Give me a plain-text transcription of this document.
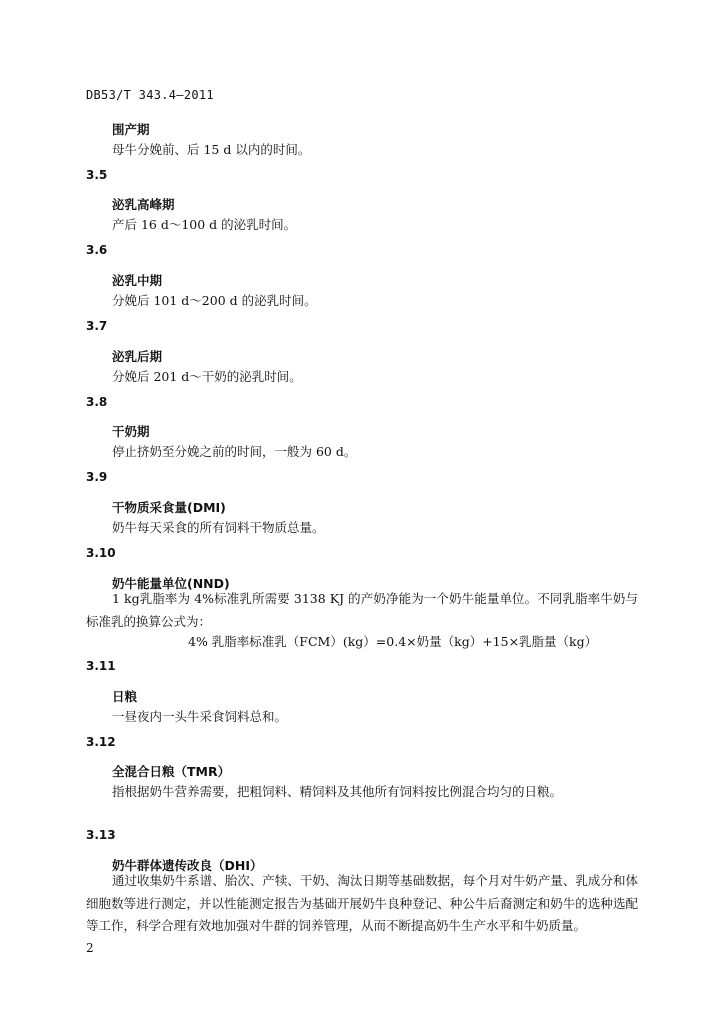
DB53/T 343.4—2011
围产期
母牛分娩前、后 15 d 以内的时间。
3.5
泌乳高峰期
产后 16 d～100 d 的泌乳时间。
3.6
泌乳中期
分娩后 101 d～200 d 的泌乳时间。
3.7
泌乳后期
分娩后 201 d～干奶的泌乳时间。
3.8
干奶期
停止挤奶至分娩之前的时间，一般为 60 d。
3.9
干物质采食量(DMI)
奶牛每天采食的所有饲料干物质总量。
3.10
奶牛能量单位(NND)
1 kg乳脂率为 4%标准乳所需要 3138 KJ 的产奶净能为一个奶牛能量单位。不同乳脂率牛奶与标准乳的换算公式为：
4% 乳脂率标准乳（FCM）(kg）=0.4×奶量（kg）+15×乳脂量（kg）
3.11
日粮
一昼夜内一头牛采食饲料总和。
3.12
全混合日粮（TMR）
指根据奶牛营养需要，把粗饲料、精饲料及其他所有饲料按比例混合均匀的日粮。
3.13
奶牛群体遗传改良（DHI）
通过收集奶牛系谱、胎次、产犊、干奶、淘汰日期等基础数据，每个月对牛奶产量、乳成分和体细胞数等进行测定，并以性能测定报告为基础开展奶牛良种登记、种公牛后裔测定和奶牛的选种选配等工作，科学合理有效地加强对牛群的饲养管理，从而不断提高奶牛生产水平和牛奶质量。
2
